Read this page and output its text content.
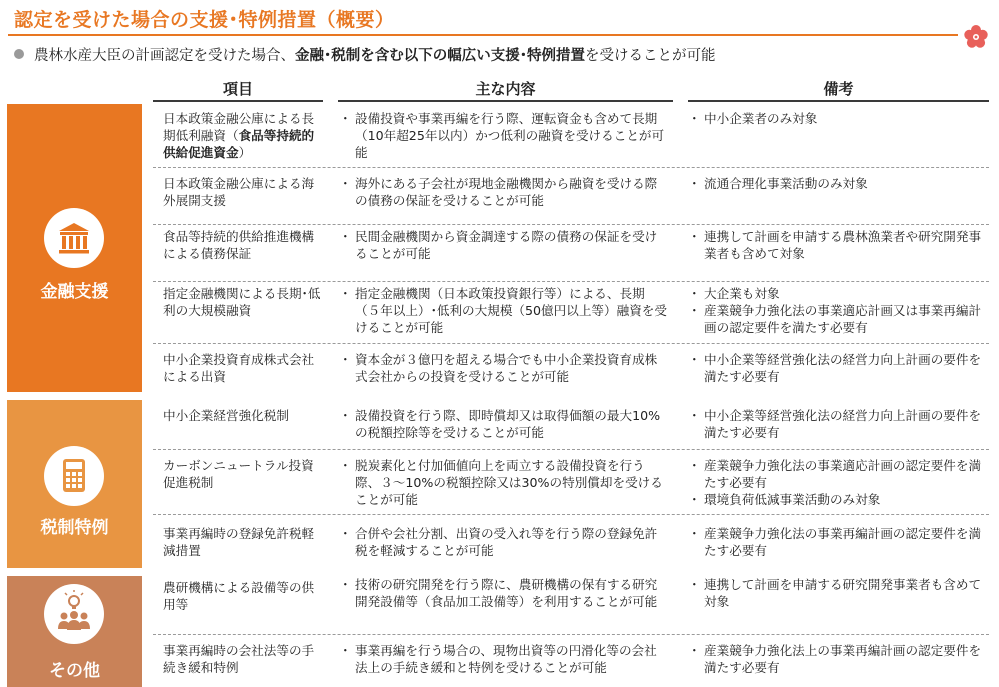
認定を受けた場合の支援･特例措置（概要）
農林水産大臣の計画認定を受けた場合、金融･税制を含む以下の幅広い支援･特例措置を受けることが可能
項目	主な内容	備考
金融支援
税制特例
その他
日本政策金融公庫による長期低利融資（食品等持続的供給促進資金）
・ 設備投資や事業再編を行う際、運転資金も含めて長期（10年超25年以内）かつ低利の融資を受けることが可能
・ 中小企業者のみ対象
日本政策金融公庫による海外展開支援
・ 海外にある子会社が現地金融機関から融資を受ける際の債務の保証を受けることが可能
・ 流通合理化事業活動のみ対象
食品等持続的供給推進機構による債務保証
・ 民間金融機関から資金調達する際の債務の保証を受けることが可能
・ 連携して計画を申請する農林漁業者や研究開発事業者も含めて対象
指定金融機関による長期･低利の大規模融資
・ 指定金融機関（日本政策投資銀行等）による、長期（５年以上）･低利の大規模（50億円以上等）融資を受けることが可能
・ 大企業も対象
・ 産業競争力強化法の事業適応計画又は事業再編計画の認定要件を満たす必要有
中小企業投資育成株式会社による出資
・ 資本金が３億円を超える場合でも中小企業投資育成株式会社からの投資を受けることが可能
・ 中小企業等経営強化法の経営力向上計画の要件を満たす必要有
中小企業経営強化税制
・	設備投資を行う際、即時償却又は取得価額の最大10%の税額控除等を受けることが可能
・ 中小企業等経営強化法の経営力向上計画の要件を満たす必要有
カーボンニュートラル投資促進税制
・ 脱炭素化と付加価値向上を両立する設備投資を行う際、３～10%の税額控除又は30%の特別償却を受けることが可能
・ 産業競争力強化法の事業適応計画の認定要件を満たす必要有
・ 環境負荷低減事業活動のみ対象
事業再編時の登録免許税軽減措置
・ 合併や会社分割、出資の受入れ等を行う際の登録免許税を軽減することが可能
・ 産業競争力強化法の事業再編計画の認定要件を満たす必要有
農研機構による設備等の供用等
・ 技術の研究開発を行う際に、農研機構の保有する研究開発設備等（食品加工設備等）を利用することが可能
・ 連携して計画を申請する研究開発事業者も含めて対象
事業再編時の会社法等の手続き緩和特例
・ 事業再編を行う場合の、現物出資等の円滑化等の会社法上の手続き緩和と特例を受けることが可能
・ 産業競争力強化法上の事業再編計画の認定要件を満たす必要有
